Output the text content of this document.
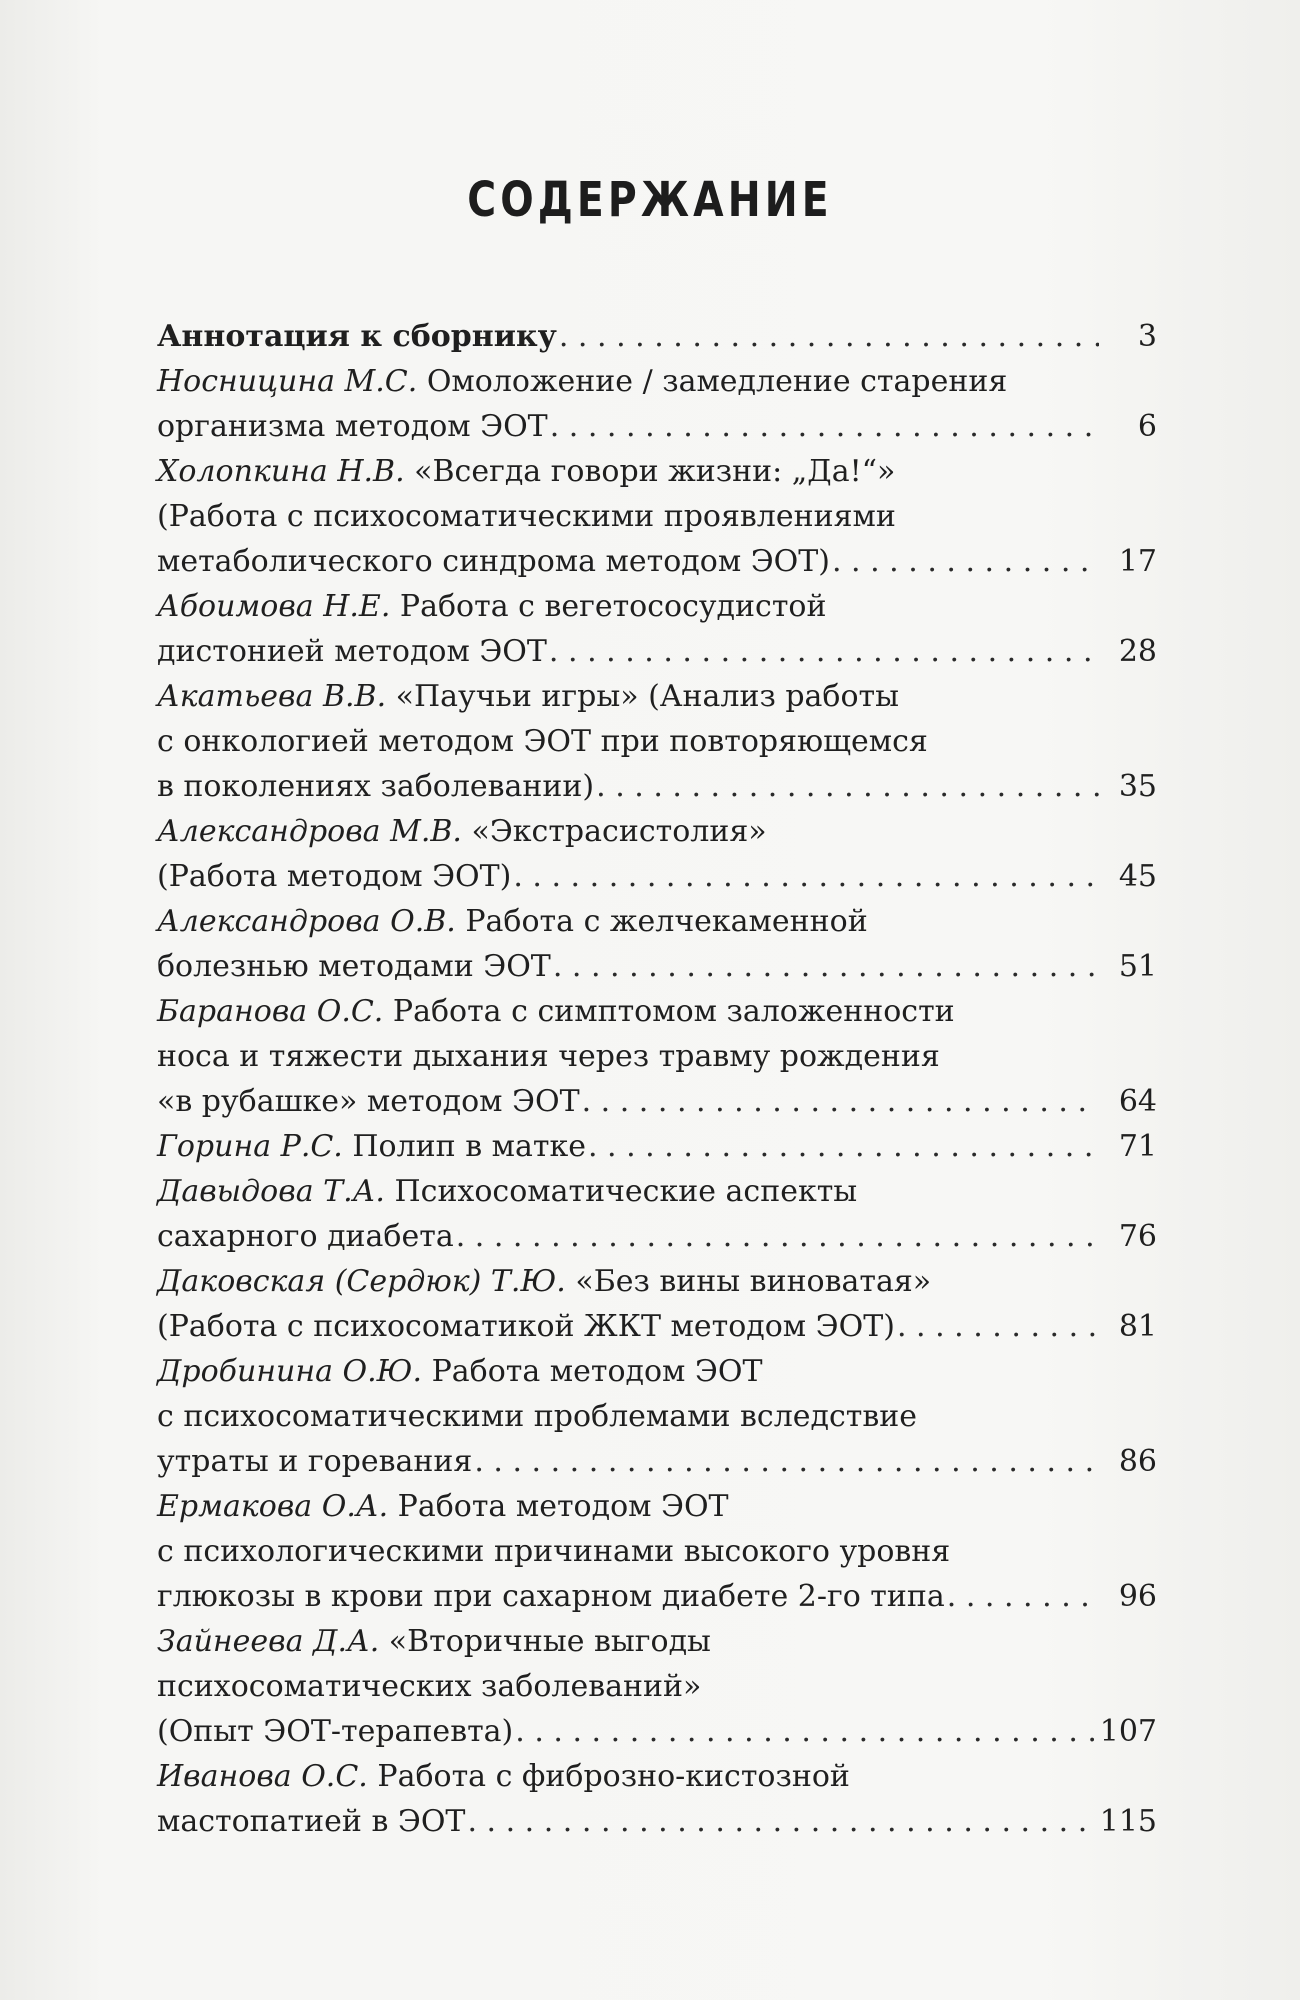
СОДЕРЖАНИЕ
Аннотация к сборнику . . .	3
Носницина М.С. Омоложение / замедление старения
организма методом ЭОТ . . .	6
Холопкина Н.В. «Всегда говори жизни: „Да!“»
(Работа с психосоматическими проявлениями
метаболического синдрома методом ЭОТ) . . .	17
Абоимова Н.Е. Работа с вегетососудистой
дистонией методом ЭОТ . . .	28
Акатьева В.В. «Паучьи игры» (Анализ работы
с онкологией методом ЭОТ при повторяющемся
в поколениях заболевании) . . .	35
Александрова М.В. «Экстрасистолия»
(Работа методом ЭОТ) . . .	45
Александрова О.В. Работа с желчекаменной
болезнью методами ЭОТ . . .	51
Баранова О.С. Работа с симптомом заложенности
носа и тяжести дыхания через травму рождения
«в рубашке» методом ЭОТ . . .	64
Горина Р.С. Полип в матке . . .	71
Давыдова Т.А. Психосоматические аспекты
сахарного диабета . . .	76
Даковская (Сердюк) Т.Ю. «Без вины виноватая»
(Работа с психосоматикой ЖКТ методом ЭОТ) . . .	81
Дробинина О.Ю. Работа методом ЭОТ
с психосоматическими проблемами вследствие
утраты и горевания . . .	86
Ермакова О.А. Работа методом ЭОТ
с психологическими причинами высокого уровня
глюкозы в крови при сахарном диабете 2-го типа . . .	96
Зайнеева Д.А. «Вторичные выгоды
психосоматических заболеваний»
(Опыт ЭОТ-терапевта) . . .	107
Иванова О.С. Работа с фиброзно-кистозной
мастопатией в ЭОТ . . .	115
